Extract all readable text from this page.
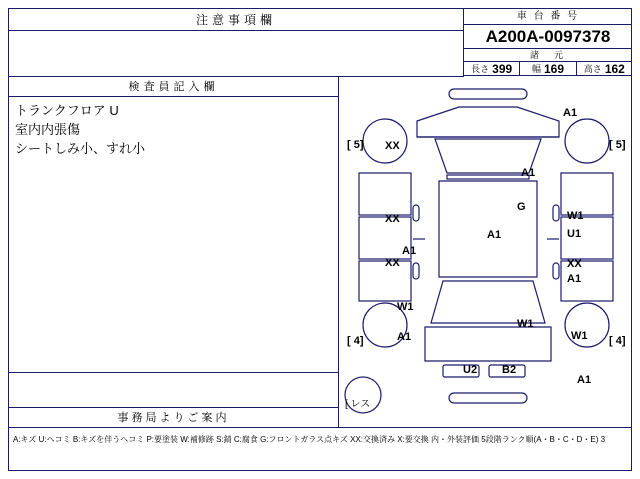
注意事項欄	車 台 番 号
A200A-0097378
諸　元
長さ 399 幅 169 高さ 162
検査員記入欄
トランクフロア U
室内内張傷
シートしみ小、すれ小
事務局よりご案内
A1
[ 5] XX	[ 5]
A1
G
XX	W1
U1
A1
A1
XX	XX
A1
W1
W1
A1	W1
[ 4]	[ 4]
U2 B2
A1
[ レス
A:キズ U:ヘコミ B:キズを伴うヘコミ P:要塗装 W:補修跡 S:錆 C:腐食 G:フロントガラス点キズ XX:交換済み X:要交換 内・外装評価 5段階ランク順(A・B・C・D・E) 3
